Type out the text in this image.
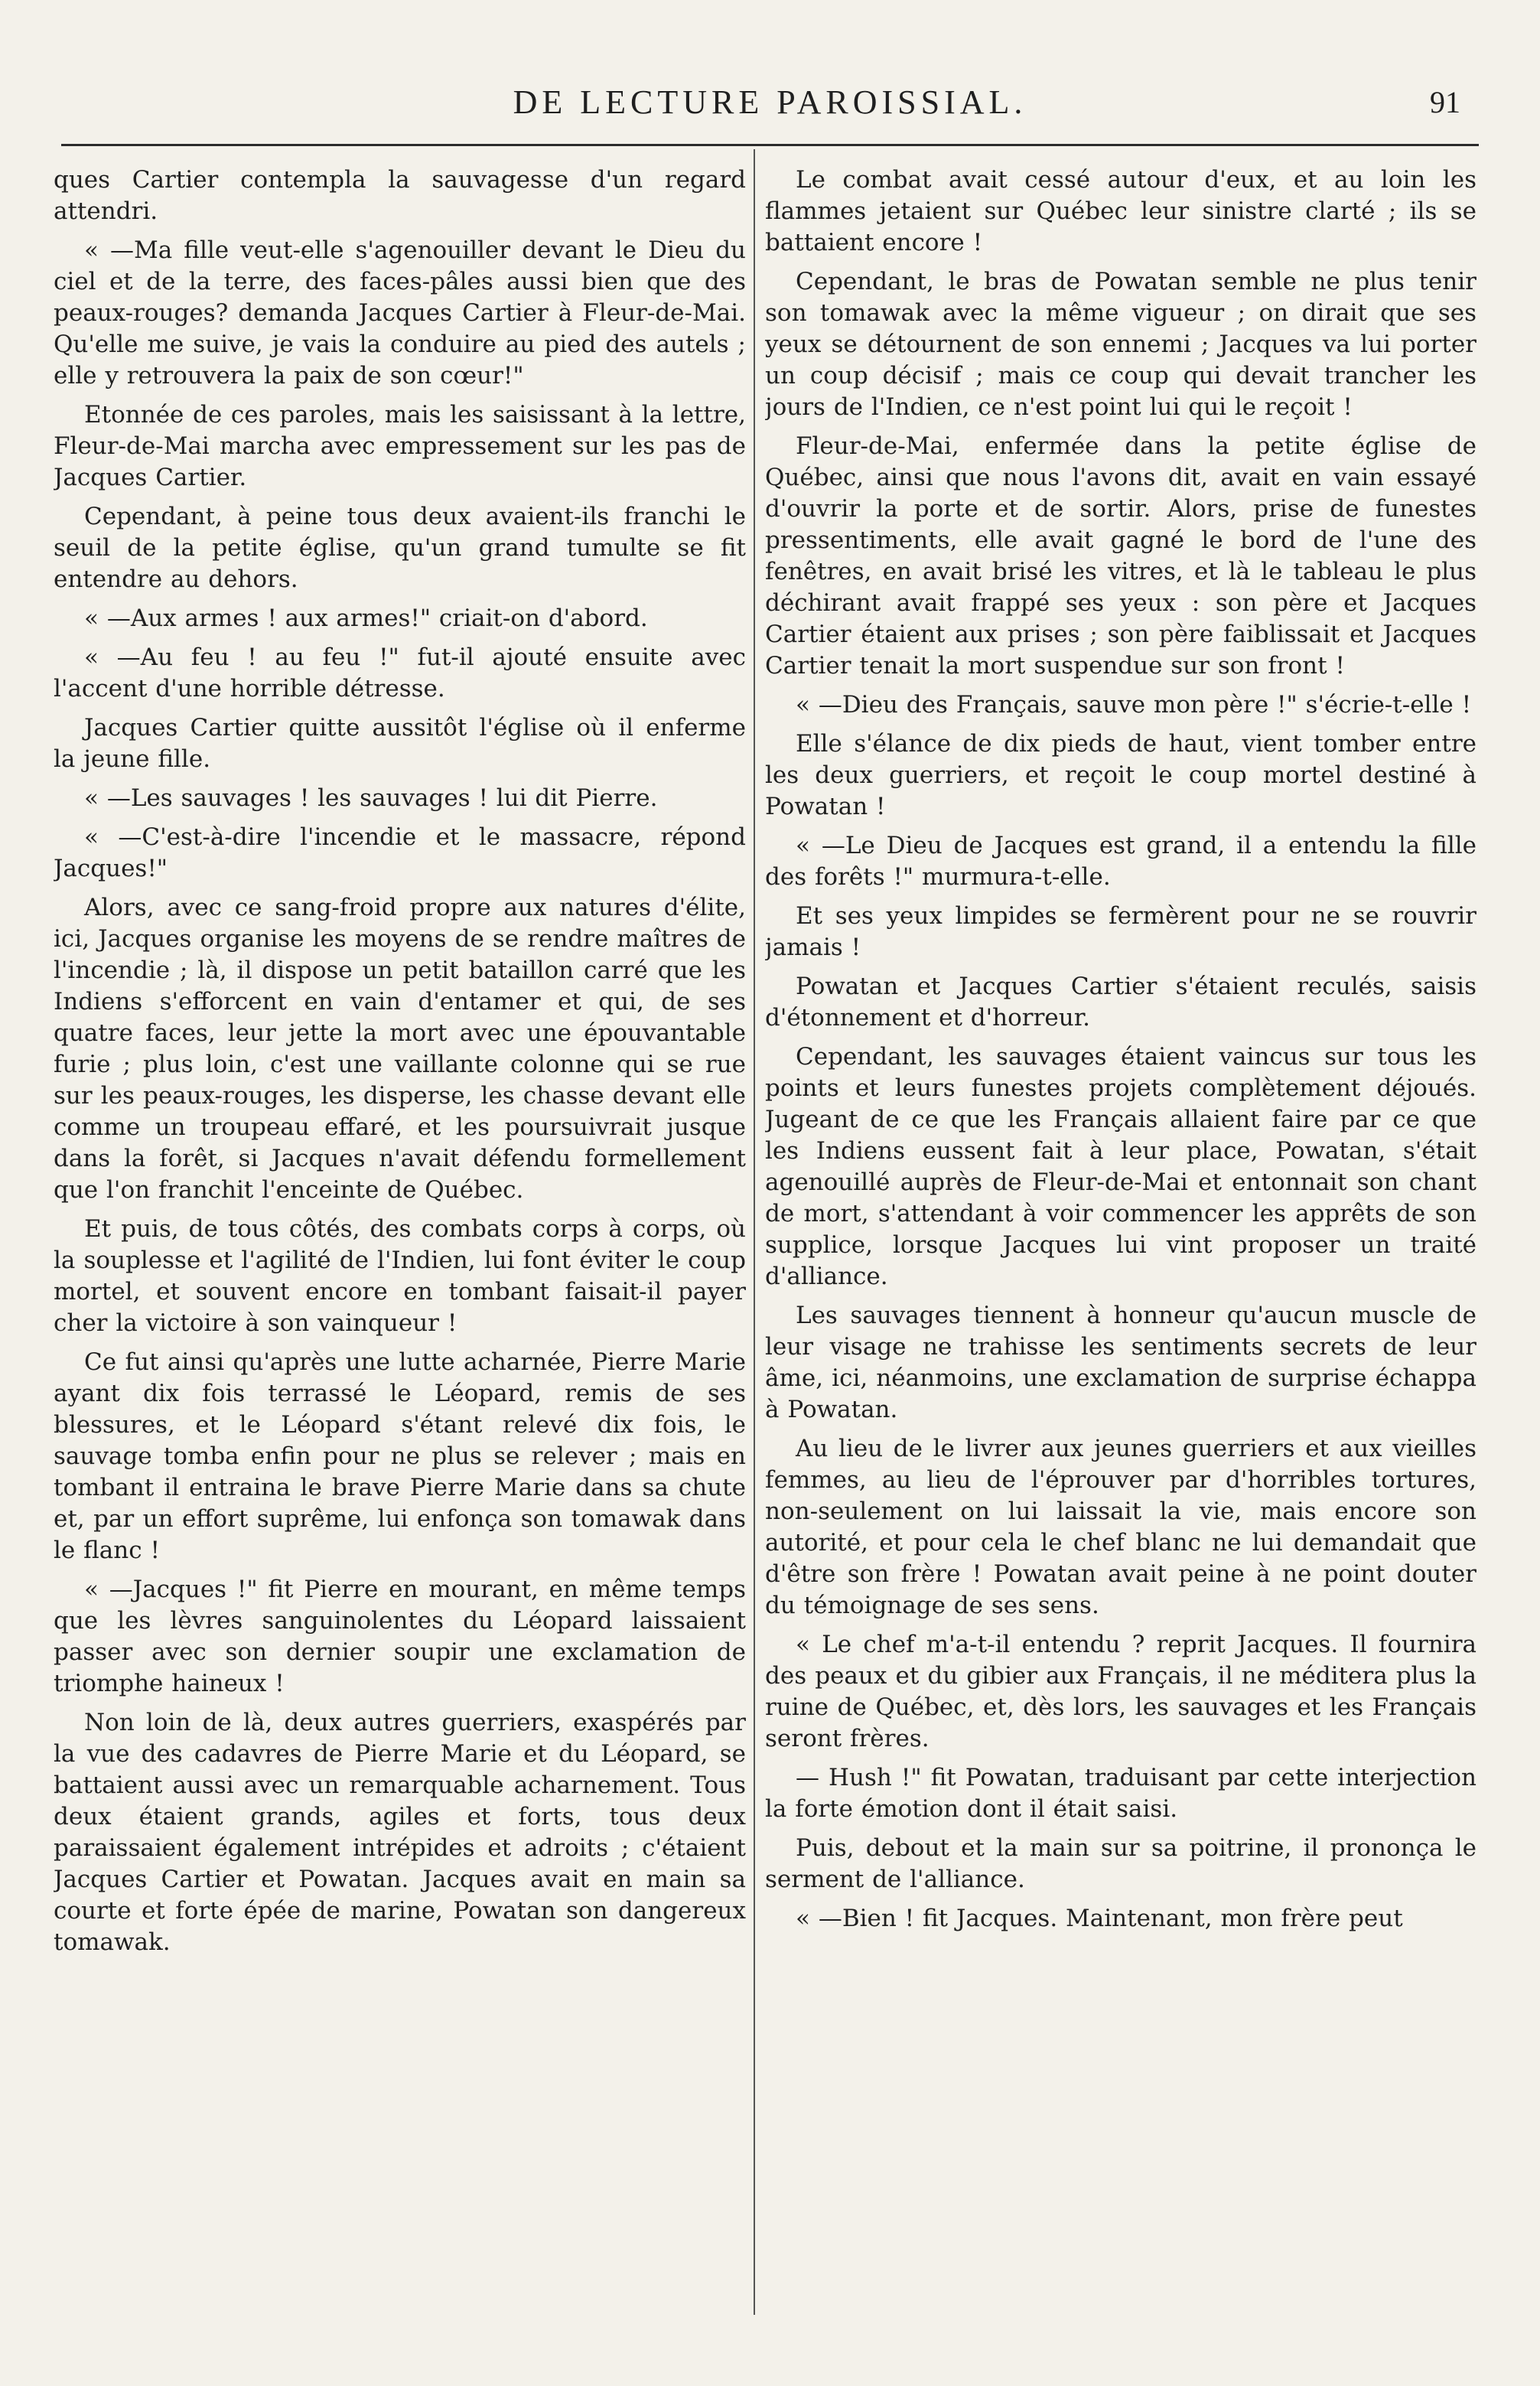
DE LECTURE PAROISSIAL.	91

ques Cartier contempla la sauvagesse d'un regard attendri.

« —Ma fille veut-elle s'agenouiller devant le Dieu du ciel et de la terre, des faces-pâles aussi bien que des peaux-rouges? demanda Jacques Cartier à Fleur-de-Mai. Qu'elle me suive, je vais la conduire au pied des autels ; elle y retrouvera la paix de son cœur!"

Etonnée de ces paroles, mais les saisissant à la lettre, Fleur-de-Mai marcha avec empressement sur les pas de Jacques Cartier.

Cependant, à peine tous deux avaient-ils franchi le seuil de la petite église, qu'un grand tumulte se fit entendre au dehors.

« —Aux armes ! aux armes!" criait-on d'abord.

« —Au feu ! au feu !" fut-il ajouté ensuite avec l'accent d'une horrible détresse.

Jacques Cartier quitte aussitôt l'église où il enferme la jeune fille.

« —Les sauvages ! les sauvages ! lui dit Pierre.

« —C'est-à-dire l'incendie et le massacre, répond Jacques!"

Alors, avec ce sang-froid propre aux natures d'élite, ici, Jacques organise les moyens de se rendre maîtres de l'incendie ; là, il dispose un petit bataillon carré que les Indiens s'efforcent en vain d'entamer et qui, de ses quatre faces, leur jette la mort avec une épouvantable furie ; plus loin, c'est une vaillante colonne qui se rue sur les peaux-rouges, les disperse, les chasse devant elle comme un troupeau effaré, et les poursuivrait jusque dans la forêt, si Jacques n'avait défendu formellement que l'on franchit l'enceinte de Québec.

Et puis, de tous côtés, des combats corps à corps, où la souplesse et l'agilité de l'Indien, lui font éviter le coup mortel, et souvent encore en tombant faisait-il payer cher la victoire à son vainqueur !

Ce fut ainsi qu'après une lutte acharnée, Pierre Marie ayant dix fois terrassé le Léopard, remis de ses blessures, et le Léopard s'étant relevé dix fois, le sauvage tomba enfin pour ne plus se relever ; mais en tombant il entraina le brave Pierre Marie dans sa chute et, par un effort suprême, lui enfonça son tomawak dans le flanc !

« —Jacques !" fit Pierre en mourant, en même temps que les lèvres sanguinolentes du Léopard laissaient passer avec son dernier soupir une exclamation de triomphe haineux !

Non loin de là, deux autres guerriers, exaspérés par la vue des cadavres de Pierre Marie et du Léopard, se battaient aussi avec un remarquable acharnement. Tous deux étaient grands, agiles et forts, tous deux paraissaient également intrépides et adroits ; c'étaient Jacques Cartier et Powatan. Jacques avait en main sa courte et forte épée de marine, Powatan son dangereux tomawak.

Le combat avait cessé autour d'eux, et au loin les flammes jetaient sur Québec leur sinistre clarté ; ils se battaient encore !

Cependant, le bras de Powatan semble ne plus tenir son tomawak avec la même vigueur ; on dirait que ses yeux se détournent de son ennemi ; Jacques va lui porter un coup décisif ; mais ce coup qui devait trancher les jours de l'Indien, ce n'est point lui qui le reçoit !

Fleur-de-Mai, enfermée dans la petite église de Québec, ainsi que nous l'avons dit, avait en vain essayé d'ouvrir la porte et de sortir. Alors, prise de funestes pressentiments, elle avait gagné le bord de l'une des fenêtres, en avait brisé les vitres, et là le tableau le plus déchirant avait frappé ses yeux : son père et Jacques Cartier étaient aux prises ; son père faiblissait et Jacques Cartier tenait la mort suspendue sur son front !

« —Dieu des Français, sauve mon père !" s'écrie-t-elle !

Elle s'élance de dix pieds de haut, vient tomber entre les deux guerriers, et reçoit le coup mortel destiné à Powatan !

« —Le Dieu de Jacques est grand, il a entendu la fille des forêts !" murmura-t-elle.

Et ses yeux limpides se fermèrent pour ne se rouvrir jamais !

Powatan et Jacques Cartier s'étaient reculés, saisis d'étonnement et d'horreur.

Cependant, les sauvages étaient vaincus sur tous les points et leurs funestes projets complètement déjoués. Jugeant de ce que les Français allaient faire par ce que les Indiens eussent fait à leur place, Powatan, s'était agenouillé auprès de Fleur-de-Mai et entonnait son chant de mort, s'attendant à voir commencer les apprêts de son supplice, lorsque Jacques lui vint proposer un traité d'alliance.

Les sauvages tiennent à honneur qu'aucun muscle de leur visage ne trahisse les sentiments secrets de leur âme, ici, néanmoins, une exclamation de surprise échappa à Powatan.

Au lieu de le livrer aux jeunes guerriers et aux vieilles femmes, au lieu de l'éprouver par d'horribles tortures, non-seulement on lui laissait la vie, mais encore son autorité, et pour cela le chef blanc ne lui demandait que d'être son frère ! Powatan avait peine à ne point douter du témoignage de ses sens.

« Le chef m'a-t-il entendu ? reprit Jacques. Il fournira des peaux et du gibier aux Français, il ne méditera plus la ruine de Québec, et, dès lors, les sauvages et les Français seront frères.

— Hush !" fit Powatan, traduisant par cette interjection la forte émotion dont il était saisi.

Puis, debout et la main sur sa poitrine, il prononça le serment de l'alliance.

« —Bien ! fit Jacques. Maintenant, mon frère peut
